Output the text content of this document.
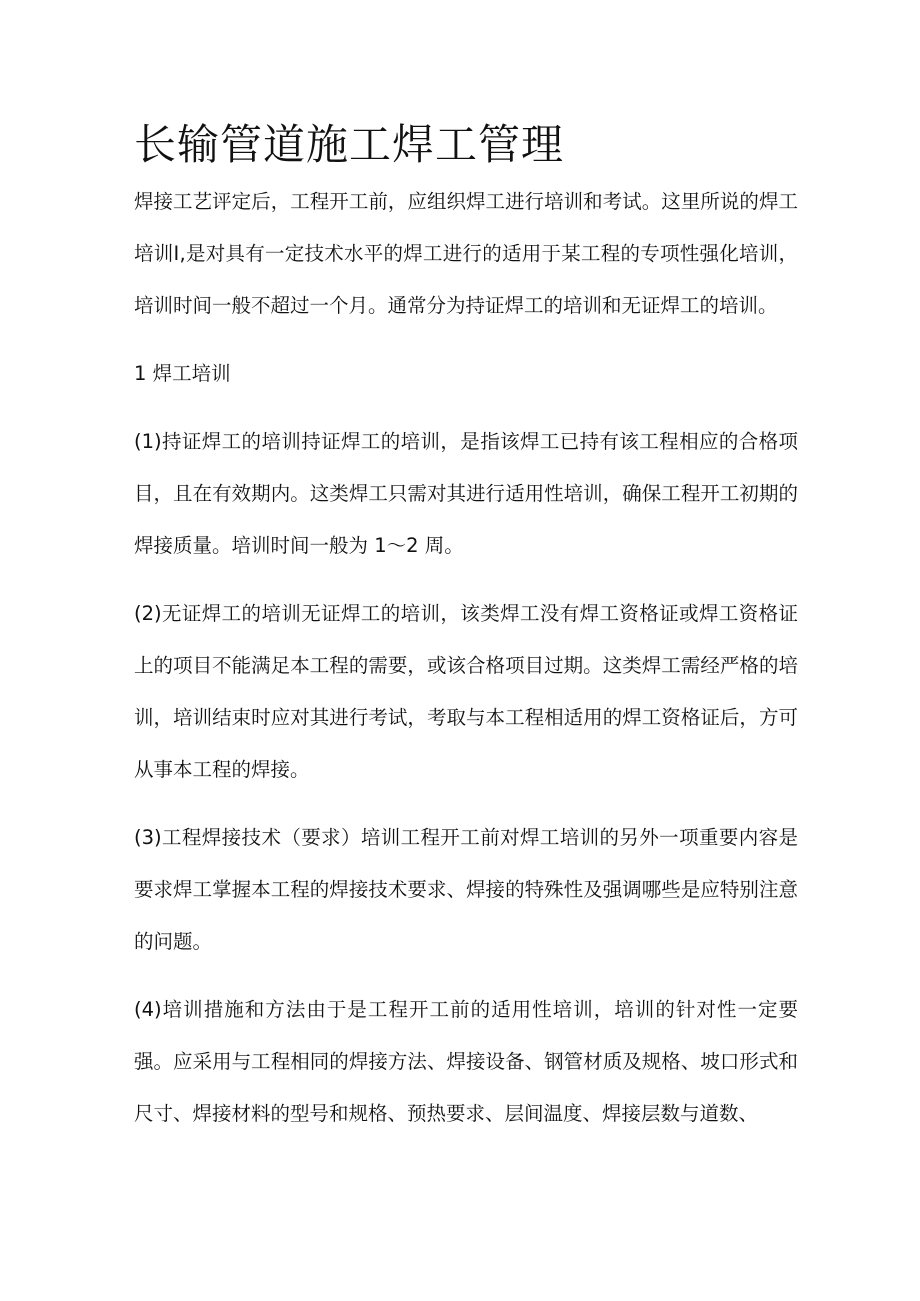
长输管道施工焊工管理

焊接工艺评定后，工程开工前，应组织焊工进行培训和考试。这里所说的焊工培训Ⅰ,是对具有一定技术水平的焊工进行的适用于某工程的专项性强化培训，培训时间一般不超过一个月。通常分为持证焊工的培训和无证焊工的培训。

1 焊工培训

(1)持证焊工的培训持证焊工的培训，是指该焊工已持有该工程相应的合格项目，且在有效期内。这类焊工只需对其进行适用性培训，确保工程开工初期的焊接质量。培训时间一般为 1～2 周。

(2)无证焊工的培训无证焊工的培训，该类焊工没有焊工资格证或焊工资格证上的项目不能满足本工程的需要，或该合格项目过期。这类焊工需经严格的培训，培训结束时应对其进行考试，考取与本工程相适用的焊工资格证后，方可从事本工程的焊接。

(3)工程焊接技术（要求）培训工程开工前对焊工培训的另外一项重要内容是要求焊工掌握本工程的焊接技术要求、焊接的特殊性及强调哪些是应特别注意的问题。

(4)培训措施和方法由于是工程开工前的适用性培训，培训的针对性一定要强。应采用与工程相同的焊接方法、焊接设备、钢管材质及规格、坡口形式和尺寸、焊接材料的型号和规格、预热要求、层间温度、焊接层数与道数、
